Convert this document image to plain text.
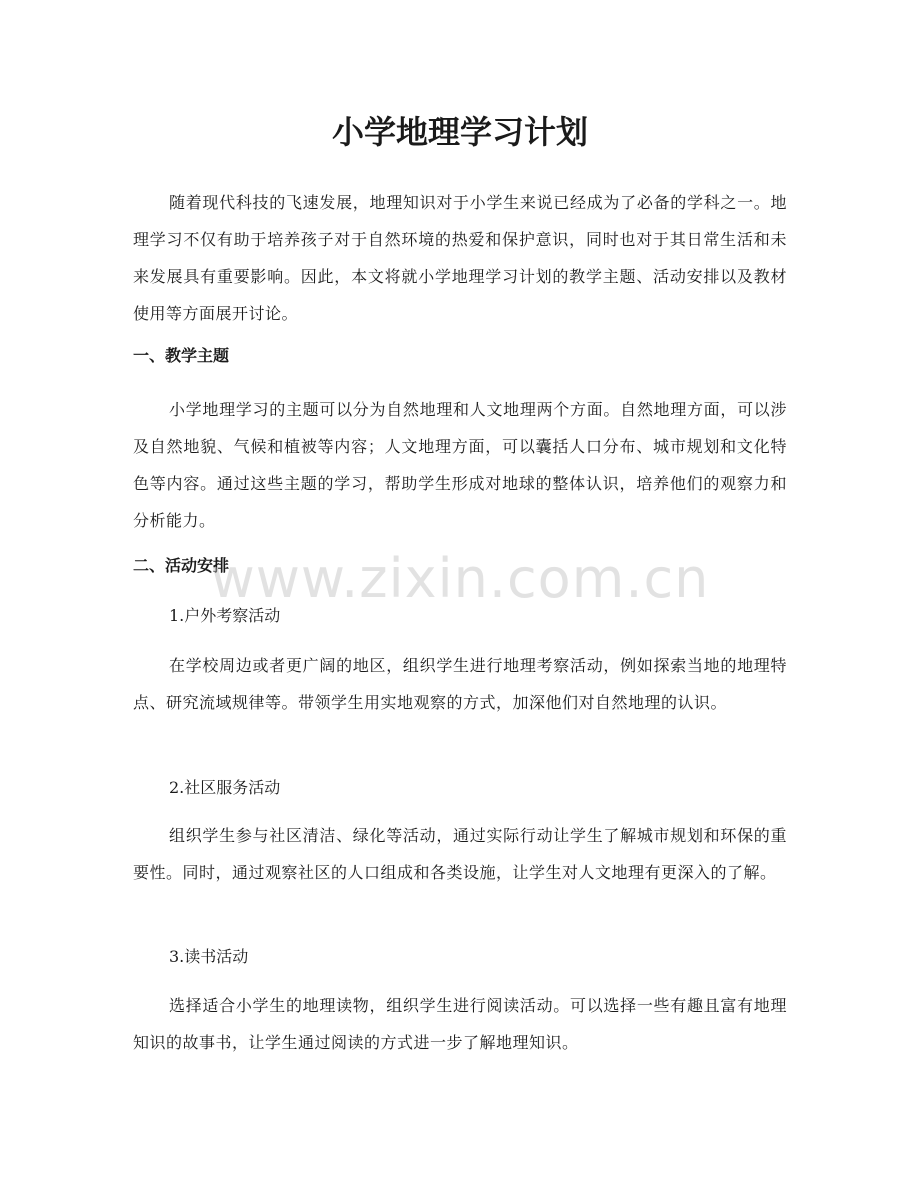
小学地理学习计划

随着现代科技的飞速发展，地理知识对于小学生来说已经成为了必备的学科之一。地理学习不仅有助于培养孩子对于自然环境的热爱和保护意识，同时也对于其日常生活和未来发展具有重要影响。因此，本文将就小学地理学习计划的教学主题、活动安排以及教材使用等方面展开讨论。

一、教学主题

小学地理学习的主题可以分为自然地理和人文地理两个方面。自然地理方面，可以涉及自然地貌、气候和植被等内容；人文地理方面，可以囊括人口分布、城市规划和文化特色等内容。通过这些主题的学习，帮助学生形成对地球的整体认识，培养他们的观察力和分析能力。

二、活动安排
1.户外考察活动

在学校周边或者更广阔的地区，组织学生进行地理考察活动，例如探索当地的地理特点、研究流域规律等。带领学生用实地观察的方式，加深他们对自然地理的认识。

2.社区服务活动

组织学生参与社区清洁、绿化等活动，通过实际行动让学生了解城市规划和环保的重要性。同时，通过观察社区的人口组成和各类设施，让学生对人文地理有更深入的了解。

3.读书活动

选择适合小学生的地理读物，组织学生进行阅读活动。可以选择一些有趣且富有地理知识的故事书，让学生通过阅读的方式进一步了解地理知识。

www.zixin.com.cn
